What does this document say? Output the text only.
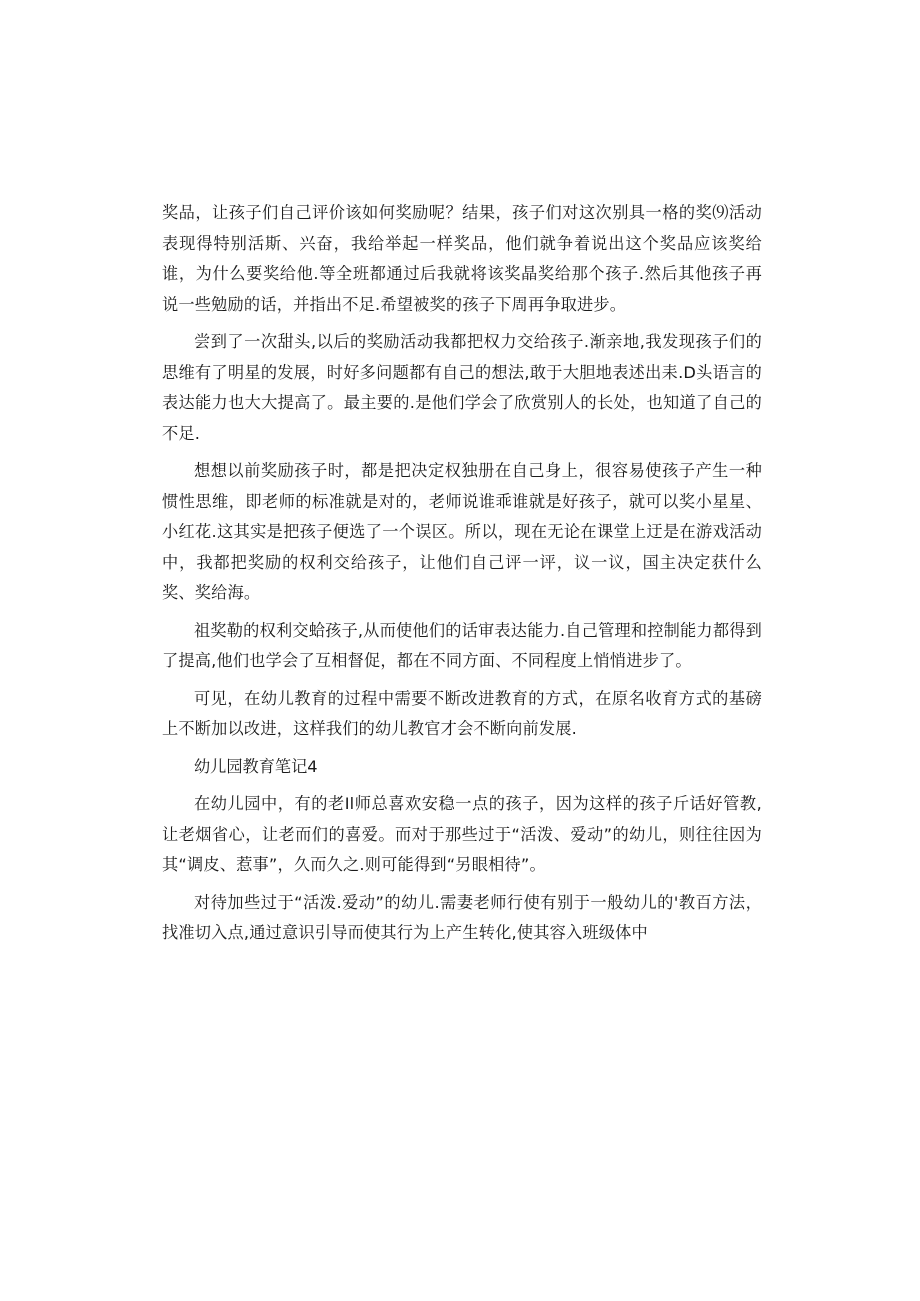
奖品，让孩子们自己评价该如何奖励呢？结果，孩子们对这次别具一格的奖⑼活动表现得特别活斯、兴奋，我给举起一样奖品，他们就争着说出这个奖品应该奖给谁，为什么要奖给他.等全班都通过后我就将该奖晶奖给那个孩子.然后其他孩子再说一些勉励的话，并指出不足.希望被奖的孩子下周再争取进步。

尝到了一次甜头,以后的奖励活动我都把权力交给孩子.渐亲地,我发现孩子们的思维有了明星的发展，时好多问题都有自己的想法,敢于大胆地表述出耒.D头语言的表达能力也大大提高了。最主要的.是他们学会了欣赏别人的长处，也知道了自己的不足.

想想以前奖励孩子时，都是把决定权独册在自己身上，很容易使孩子产生一种惯性思维，即老师的标准就是对的，老师说谁乖谁就是好孩子，就可以奖小星星、小红花.这其实是把孩子便选了一个误区。所以，现在无论在课堂上迂是在游戏活动中，我都把奖励的权利交给孩子，让他们自己评一评，议一议，国主决定获什么奖、奖给海。

祖奖勒的权利交蛤孩子,从而使他们的话审表达能力.自己管理和控制能力都得到了提高,他们也学会了互相督促，都在不同方面、不同程度上悄悄进步了。

可见，在幼儿教育的过程中需要不断改进教育的方式，在原名收育方式的基磅上不断加以改进，这样我们的幼儿教官才会不断向前发展.

幼儿园教育笔记4

在幼儿园中，有的老Il师总喜欢安稳一点的孩子，因为这样的孩子斤话好管教,让老烟省心，让老而们的喜爱。而对于那些过于“活泼、爱动”的幼儿，则往往因为其“调皮、惹事”，久而久之.则可能得到“另眼相待”。

对待加些过于“活泼.爱动”的幼儿.需妻老师行使有别于一般幼儿的'教百方法，找准切入点,通过意识引导而使其行为上产生转化,使其容入班级体中
